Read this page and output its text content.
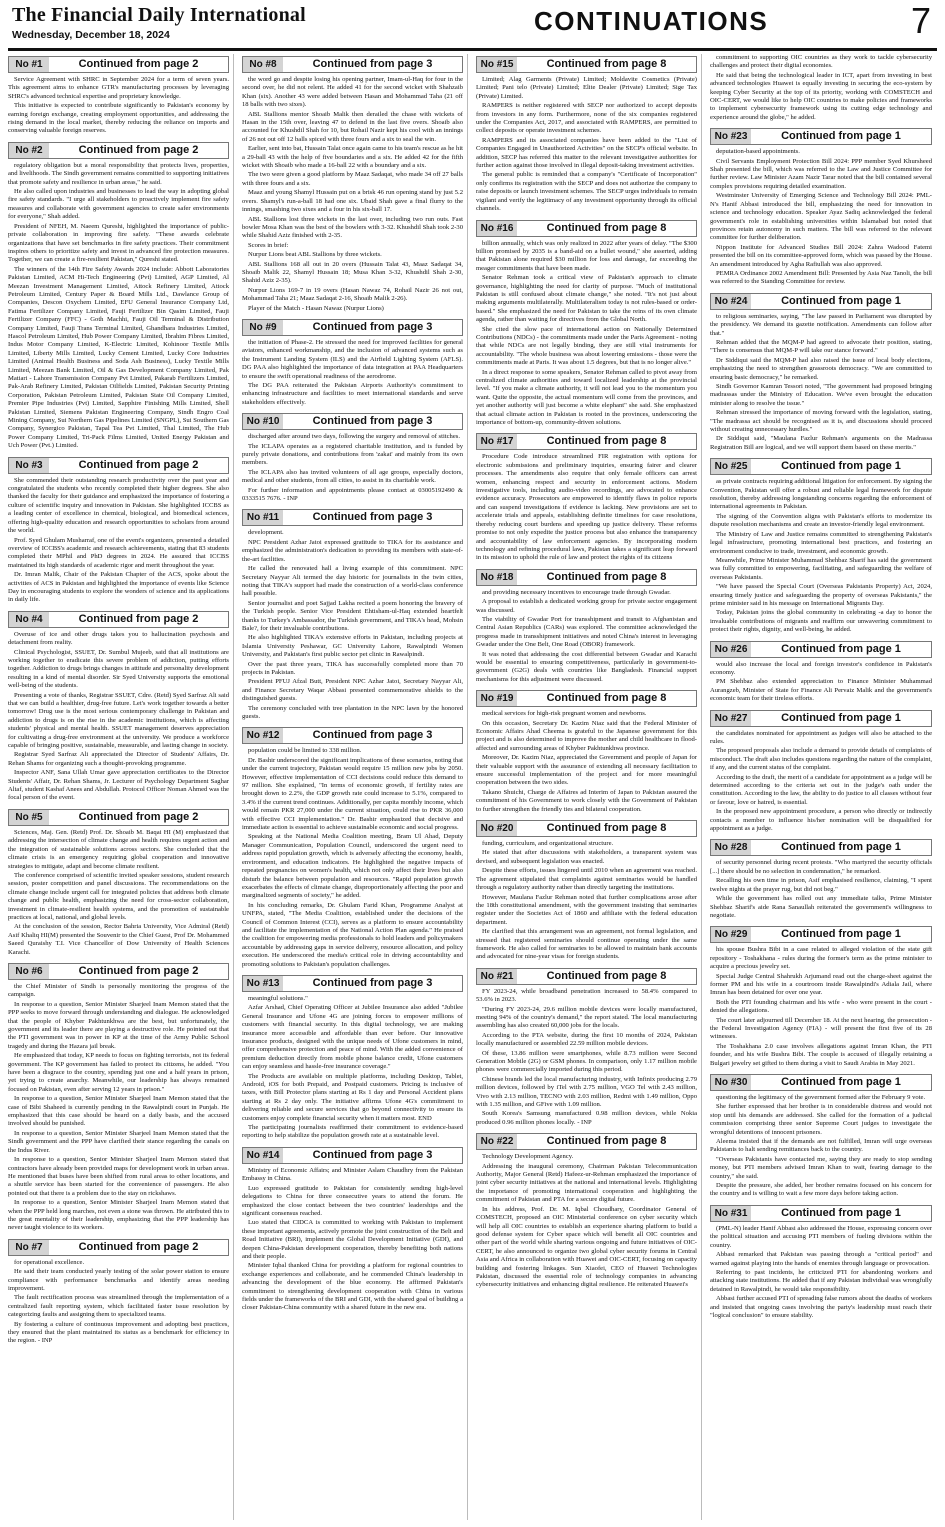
The Financial Daily International
Wednesday, December 18, 2024	CONTINUATIONS	7
No #1	Continued from page 2

Service Agreement with SHRC in September 2024 for a term of seven years. This agreement aims to enhance GTR's manufacturing processes by leveraging SHRC's advanced technical expertise and proprietary knowledge.

This initiative is expected to contribute significantly to Pakistan's economy by earning foreign exchange, creating employment opportunities, and addressing the rising demand in the local market, thereby reducing the reliance on imports and conserving valuable foreign reserves.

No #2	Continued from page 2

regulatory obligation but a moral responsibility that protects lives, properties, and livelihoods. The Sindh government remains committed to supporting initiatives that promote safety and resilience in urban areas," he said.

He also called upon industries and businesses to lead the way in adopting global fire safety standards. "I urge all stakeholders to proactively implement fire safety measures and collaborate with government agencies to create safer environments for everyone," Shah added.

President of NFEH, M. Naeem Qureshi, highlighted the importance of public-private collaboration in improving fire safety. "These awards celebrate organizations that have set benchmarks in fire safety practices. Their commitment inspires others to prioritize safety and invest in advanced fire protection measures. Together, we can create a fire-resilient Pakistan," Qureshi stated.

The winners of the 14th Fire Safety Awards 2024 include: Abbott Laboratories Pakistan Limited, ACM Hi-Tech Engineering (Pvt) Limited, AGP Limited, Al Meezan Investment Management Limited, Attock Refinery Limited, Attock Petroleum Limited, Century Paper & Board Mills Ltd., Dawlance Group of Companies, Descon Oxychem Limited, EFU General Insurance Company Ltd, Fatima Fertilizer Company Limited, Fauji Fertilizer Bin Qasim Limited, Fauji Fertilizer Company (FFC) - Goth Machhi, Fauji Oil Terminal & Distribution Company Limited, Fauji Trans Terminal Limited, Ghandhara Industries Limited, Hascol Petroleum Limited, Hub Power Company Limited, Ibrahim Fibres Limited, Indus Motor Company Limited, K-Electric Limited, Kohinoor Textile Mills Limited, Liberty Mills Limited, Lucky Cement Limited, Lucky Core Industries Limited (Animal Health Business and Soda Ash Business), Lucky Textile Mills Limited, Meezan Bank Limited, Oil & Gas Development Company Limited, Pak Matiari - Lahore Transmission Company Pvt Limited, Pakarab Fertilizers Limited, Pak-Arab Refinery Limited, Pakistan Oilfields Limited, Pakistan Security Printing Corporation, Pakistan Petroleum Limited, Pakistan State Oil Company Limited, Premier Pipe Industries (Pvt) Limited, Sapphire Finishing Mills Limited, Shell Pakistan Limited, Siemens Pakistan Engineering Company, Sindh Engro Coal Mining Company, Sui Northern Gas Pipelines Limited (SNGPL), Sui Southern Gas Company, Synergico Pakistan, Tapal Tea Pvt Limited, Thal Limited, The Hub Power Company Limited, Tri-Pack Films Limited, United Energy Pakistan and Uch Power (Pvt.) Limited.

No #3	Continued from page 2

She commended their outstanding research productivity over the past year and congratulated the students who recently completed their higher degrees. She also thanked the faculty for their guidance and emphasized the importance of fostering a culture of scientific inquiry and innovation in Pakistan. She highlighted ICCBS as a leading center of excellence in chemical, biological, and biomedical sciences, offering high-quality education and research opportunities to scholars from around the world.

Prof. Syed Ghulam Musharraf, one of the event's organizers, presented a detailed overview of ICCBS's academic and research achievements, stating that 83 students completed their MPhil and PhD degrees in 2024. He assured that ICCBS maintained its high standards of academic rigor and merit throughout the year.

Dr. Imran Malik, Chair of the Pakistan Chapter of the ACS, spoke about the activities of ACS in Pakistan and highlighted the importance of events like Science Day in encouraging students to explore the wonders of science and its applications in daily life.

No #4	Continued from page 2

Overuse of ice and other drugs takes you to hallucination psychosis and detachment from reality.

Clinical Psychologist, SSUET, Dr. Sumbul Mujeeb, said that all institutions are working together to eradicate this severe problem of addiction, putting efforts together. Addiction to drugs brings changes in attitude and personality development resulting in a kind of mental disorder. Sir Syed University supports the emotional well-being of the students.

Presenting a vote of thanks, Registrar SSUET, Cdre. (Retd) Syed Sarfraz Ali said that we can build a healthier, drug-free future. Let's work together towards a better tomorrow! Drug use is the most serious contemporary challenge in Pakistan and addiction to drugs is on the rise in the academic institutions, which is affecting students' physical and mental health. SSUET management deserves appreciation for cultivating a drug-free environment at the university. We produce a workforce capable of bringing positive, sustainable, measurable, and lasting change in society.

Registrar Syed Sarfraz Ali appreciated the Director of Students' Affairs, Dr. Rehan Shams for organizing such a thought-provoking programme.

Inspector ANF, Sana Ullah Umar gave appreciation certificates to the Director Students' Affair, Dr. Rehan Shams, Jr. Lecturer of Psychology Department Saghar Altaf, student Kashaf Anees and Abdullah. Protocol Officer Noman Ahmed was the focal person of the event.

No #5	Continued from page 2

Sciences, Maj. Gen. (Retd) Prof. Dr. Shoaib M. Baqai HI (M) emphasized that addressing the intersection of climate change and health requires urgent action and the integration of sustainable solutions across sectors. She concluded that the climate crisis is an emergency requiring global cooperation and innovative strategies to mitigate, adapt and become climate resilient.

The conference comprised of scientific invited speaker sessions, student research session, poster competition and panel discussions. The recommendations on the climate change include urgent call for integrated policies that address both climate change and public health, emphasizing the need for cross-sector collaboration, investment in climate-resilient health systems, and the promotion of sustainable practices at local, national, and global levels.

At the conclusion of the session, Rector Bahria University, Vice Admiral (Retd) Asif Khaliq HI(M) presented the Souvenir to the Chief Guest, Prof Dr. Mohammed Saeed Quraishy T.I. Vice Chancellor of Dow University of Health Sciences Karachi.

No #6	Continued from page 2

the Chief Minister of Sindh is personally monitoring the progress of the campaign.

In response to a question, Senior Minister Sharjeel Inam Memon stated that the PPP seeks to move forward through understanding and dialogue. He acknowledged that the people of Khyber Pakhtunkhwa are the best, but unfortunately, the government and its leader there are playing a destructive role. He pointed out that the PTI government was in power in KP at the time of the Army Public School tragedy and during the Hazara jail break.

He emphasized that today, KP needs to focus on fighting terrorists, not its federal government. The KP government has failed to protect its citizens, he added. "You have been a disgrace to the country, spending just one and a half years in prison, yet trying to create anarchy. Meanwhile, our leadership has always remained focused on Pakistan, even after serving 12 years in prison."

In response to a question, Senior Minister Sharjeel Inam Memon stated that the case of Bibi Shaheed is currently pending in the Rawalpindi court in Punjab. He emphasized that this case should be heard on a daily basis, and the accused involved should be punished.

In response to a question, Senior Minister Sharjeel Inam Memon stated that the Sindh government and the PPP have clarified their stance regarding the canals on the Indus River.

In response to a question, Senior Minister Sharjeel Inam Memon stated that contractors have already been provided maps for development work in urban areas. He mentioned that buses have been shifted from rural areas to other locations, and a shuttle service has been started for the convenience of passengers. He also pointed out that there is a problem due to the stay on rickshaws.

In response to a question, Senior Minister Sharjeel Inam Memon stated that when the PPP held long marches, not even a stone was thrown. He attributed this to the great mentality of their leadership, emphasizing that the PPP leadership has never taught violence to its workers.

No #7	Continued from page 2

for operational excellence.

He said their team conducted yearly testing of the solar power station to ensure compliance with performance benchmarks and identify areas needing improvement.

The fault rectification process was streamlined through the implementation of a centralized fault reporting system, which facilitated faster issue resolution by categorizing faults and assigning them to specialized teams.

By fostering a culture of continuous improvement and adopting best practices, they ensured that the plant maintained its status as a benchmark for efficiency in the region. - INP

No #8	Continued from page 3

the word go and despite losing his opening partner, Imam-ul-Haq for four in the second over, he did not relent. He added 41 for the second wicket with Shahzaib Khan (six). Another 43 were added between Hasan and Mohammad Taha (21 off 18 balls with two sixes).

ABL Stallions mentor Shoaib Malik then derailed the chase with wickets of Hasan in the 15th over, leaving 47 to defend in the last five overs. Shoaib also accounted for Khushdil Shah for 10, but Rohail Nazir kept his cool with an innings of 26 not out off 12 balls spiced with three fours and a six to seal the win.

Earlier, sent into bat, Hussain Talat once again came to his team's rescue as he hit a 29-ball 43 with the help of five boundaries and a six. He added 42 for the fifth wicket with Shoaib who made a 16-ball 22 with a boundary and a six.

The two were given a good platform by Maaz Sadaqat, who made 34 off 27 balls with three fours and a six.

Maaz and young Shamyl Hussain put on a brisk 46 run opening stand by just 5.2 overs. Shamyl's run-a-ball 18 had one six. Ubaid Shah gave a final flurry to the innings, smashing two sixes and a four in his six-ball 17.

ABL Stallions lost three wickets in the last over, including two run outs. Fast bowler Mosa Khan was the best of the bowlers with 3-32. Khushdil Shah took 2-30 while Shahid Aziz finished with 2-35.

Scores in brief:

Nurpur Lions beat ABL Stallions by three wickets.

ABL Stallions 168 all out in 20 overs (Hussain Talat 43, Maaz Sadaqat 34, Shoaib Malik 22, Shamyl Hussain 18; Musa Khan 3-32, Khushdil Shah 2-30, Shahid Aziz 2-35).

Nurpur Lions 169-7 in 19 overs (Hasan Nawaz 74, Rohail Nazir 26 not out, Mohammad Taha 21; Maaz Sadaqat 2-16, Shoaib Malik 2-26).

Player of the Match - Hasan Nawaz (Nurpur Lions)

No #9	Continued from page 3

the initiation of Phase-2. He stressed the need for improved facilities for general aviators, enhanced workmanship, and the inclusion of advanced systems such as the Instrument Landing System (ILS) and the Airfield Lighting System (AFLS). DG PAA also highlighted the importance of data integration at PAA Headquarters to ensure the swift operational readiness of the aerodrome.

The DG PAA reiterated the Pakistan Airports Authority's commitment to enhancing infrastructure and facilities to meet international standards and serve stakeholders effectively.

No #10	Continued from page 3

discharged after around two days, following the surgery and removal of stitches.

The ICLAPA operates as a registered charitable institution, and is funded by purely private donations, and contributions from 'zakat' and mainly from its own members.

The ICLAPA also has invited volunteers of all age groups, especially doctors, medical and other students, from all cities, to assist in its charitable work.

For further information and appointments please contact at 03005192490 & 0333515 7676. - INP

No #11	Continued from page 3

development.

NPC President Azhar Jatoi expressed gratitude to TIKA for its assistance and emphasized the administration's dedication to providing its members with state-of-the-art facilities.

He called the renovated hall a living example of this commitment. NPC Secretary Nayyar Ali termed the day historic for journalists in the twin cities, noting that TIKA's support had made the construction of a world-class conference hall possible.

Senior journalist and poet Sajjad Lakha recited a poem honoring the bravery of the Turkish people. Senior Vice President Ehtisham-ul-Haq extended heartfelt thanks to Turkey's Ambassador, the Turkish government, and TIKA's head, Mohsin Bale?, for their invaluable contributions.

He also highlighted TIKA's extensive efforts in Pakistan, including projects at Islamia University Peshawar, GC University Lahore, Rawalpindi Women University, and Pakistan's first public sector pet clinic in Rawalpindi.

Over the past three years, TIKA has successfully completed more than 70 projects in Pakistan.

President PFUJ Afzal Butt, President NPC Azhar Jatoi, Secretary Nayyar Ali, and Finance Secretary Waqar Abbasi presented commemorative shields to the distinguished guests.

The ceremony concluded with tree plantation in the NPC lawn by the honored guests.

No #12	Continued from page 3

population could be limited to 338 million.

Dr. Bashir underscored the significant implications of these scenarios, noting that under the current trajectory, Pakistan would require 15 million new jobs by 2050. However, effective implementation of CCI decisions could reduce this demand to 97 million. She explained, "In terms of economic growth, if fertility rates are brought down to 2.2%, the GDP growth rate could increase to 5.1%, compared to 3.4% if the current trend continues. Additionally, per capita monthly income, which would remain PKR 27,000 under the current situation, could rise to PKR 36,000 with effective CCI implementation." Dr. Bashir emphasized that decisive and immediate action is essential to achieve sustainable economic and social progress.

Speaking at the National Media Coalition meeting, Bram Ul Ahad, Deputy Manager Communication, Population Council, underscored the urgent need to address rapid population growth, which is adversely affecting the economy, health, environment, and education indicators. He highlighted the negative impacts of repeated pregnancies on women's health, which not only affect their lives but also disturb the balance between population and resources. "Rapid population growth exacerbates the effects of climate change, disproportionately affecting the poor and marginalized segments of society," he added.

In his concluding remarks, Dr. Ghulam Farid Khan, Programme Analyst at UNFPA, stated, "The Media Coalition, established under the decisions of the Council of Common Interest (CCI), serves as a platform to ensure accountability and facilitate the implementation of the National Action Plan agenda." He praised the coalition for empowering media professionals to hold leaders and policymakers accountable by addressing gaps in service delivery, resource allocation, and policy execution. He underscored the media's critical role in driving accountability and promoting solutions to Pakistan's population challenges.

No #13	Continued from page 3

meaningful solutions."

Azfar Arshad, Chief Operating Officer at Jubilee Insurance also added "Jubilee General Insurance and Ufone 4G are joining forces to empower millions of customers with financial security. In this digital technology, we are making insurance more accessible and affordable than ever before. Our innovative insurance products, designed with the unique needs of Ufone customers in mind, offer comprehensive protection and peace of mind. With the added convenience of premium deduction directly from mobile phone balance credit, Ufone customers can enjoy seamless and hassle-free insurance coverage."

The Products are available on multiple platforms, including Desktop, Tablet, Android, iOS for both Prepaid, and Postpaid customers. Pricing is inclusive of taxes, with Bill Protector plans starting at Rs 1 day and Personal Accident plans starting at Rs 2 day only. The initiative affirms Ufone 4G's commitment to delivering reliable and secure services that go beyond connectivity to ensure its customers enjoy complete financial security when it matters most. END

The participating journalists reaffirmed their commitment to evidence-based reporting to help stabilize the population growth rate at a sustainable level.

No #14	Continued from page 3

Ministry of Economic Affairs; and Minister Aslam Chaudhry from the Pakistan Embassy in China.

Luo expressed gratitude to Pakistan for consistently sending high-level delegations to China for three consecutive years to attend the forum. He emphasized the close contact between the two countries' leaderships and the significant consensus reached.

Luo stated that CIDCA is committed to working with Pakistan to implement these important agreements, actively promote the joint construction of the Belt and Road Initiative (BRI), implement the Global Development Initiative (GDI), and deepen China-Pakistan development cooperation, thereby benefiting both nations and their people.

Minister Iqbal thanked China for providing a platform for regional countries to exchange experiences and collaborate, and he commended China's leadership in advancing the development of the blue economy. He affirmed Pakistan's commitment to strengthening development cooperation with China in various fields under the frameworks of the BRI and GDI, with the shared goal of building a closer Pakistan-China community with a shared future in the new era.

No #15	Continued from page 8

Limited; Alag Garments (Private) Limited; Moldavite Cosmetics (Private) Limited; Pani telo (Private) Limited; Elite Dealer (Private) Limited; Sige Tax (Private) Limited.

RAMPERS is neither registered with SECP nor authorized to accept deposits from investors in any form. Furthermore, none of the six companies registered under the Companies Act, 2017, and associated with RAMPERS, are permitted to collect deposits or operate investment schemes.

RAMPERS and its associated companies have been added to the "List of Companies Engaged in Unauthorized Activities" on the SECP's official website. In addition, SECP has referred this matter to the relevant investigative authorities for further action against those involved in illegal deposit-taking investment activities.

The general public is reminded that a company's "Certificate of Incorporation" only confirms its registration with the SECP and does not authorize the company to raise deposits or launch investment schemes. The SECP urges individuals to remain vigilant and verify the legitimacy of any investment opportunity through its official channels.

No #16	Continued from page 8

billion annually, which was only realized in 2022 after years of delay. "The $300 billion promised by 2035 is a band-aid on a bullet wound," she asserted, adding that Pakistan alone required $30 million for loss and damage, far exceeding the meager commitments that have been made.

Senator Rehman took a critical view of Pakistan's approach to climate governance, highlighting the need for clarity of purpose. "Much of institutional Pakistan is still confused about climate change," she noted. "It's not just about making arguments multilaterally. Multilateralism today is not rules-based or order-based." She emphasized the need for Pakistan to take the reins of its own climate agenda, rather than waiting for directives from the Global North.

She cited the slow pace of international action on Nationally Determined Contributions (NDCs) - the commitments made under the Paris Agreement - noting that while NDCs are not legally binding, they are still vital instruments for accountability. "The whole business was about lowering emissions - those were the commitments made at Paris. It was about 1.5 degrees, but that is no longer alive."

In a direct response to some speakers, Senator Rehman called to pivot away from centralized climate authorities and toward localized leadership at the provincial level. "If you make a climate authority, it will not lead you to the momentum you want. Quite the opposite, the actual momentum will come from the provinces, and yet another authority will just become a white elephant" she said. She emphasized that actual climate action in Pakistan is rooted in the provinces, underscoring the importance of bottom-up, community-driven solutions.

No #17	Continued from page 8

Procedure Code introduce streamlined FIR registration with options for electronic submissions and preliminary inquiries, ensuring fairer and clearer processes. The amendments also require that only female officers can arrest women, enhancing respect and security in enforcement actions. Modern investigative tools, including audio-video recordings, are advocated to enhance evidence accuracy. Prosecutors are empowered to identify flaws in police reports and can suspend investigations if evidence is lacking. New provisions are set to accelerate trials and appeals, establishing definite timelines for case resolutions, thereby reducing court burdens and speeding up justice delivery. These reforms promise to not only expedite the justice process but also enhance the transparency and accountability of law enforcement agencies. By incorporating modern technology and refining procedural laws, Pakistan takes a significant leap forward in its mission to uphold the rule of law and protect the rights of its citizens

No #18	Continued from page 8

and providing necessary incentives to encourage trade through Gwadar.

A proposal to establish a dedicated working group for private sector engagement was discussed.

The viability of Gwadar Port for transshipment and transit to Afghanistan and Central Asian Republics (CARs) was explored. The committee acknowledged the progress made in transshipment initiatives and noted China's interest in leveraging Gwadar under the One Belt, One Road (OBOR) framework.

It was noted that addressing the cost differential between Gwadar and Karachi would be essential to ensuring competitiveness, particularly in government-to-government (G2G) deals with countries like Bangladesh. Financial support mechanisms for this adjustment were discussed.

No #19	Continued from page 8

medical services for high-risk pregnant women and newborns.

On this occasion, Secretary Dr. Kazim Niaz said that the Federal Minister of Economic Affairs Ahad Cheema is grateful to the Japanese government for this project and is also determined to improve the mother and child healthcare in flood-affected and surrounding areas of Khyber Pakhtunkhwa province.

Moreover, Dr. Kazim Niaz, appreciated the Government and people of Japan for their valuable support with the assurance of extending all necessary facilitation to ensure successful implementation of the project and for more meaningful cooperation between the two sides.

Takano Shuichi, Charge de Affaires ad Interim of Japan to Pakistan assured the commitment of his Government to work closely with the Government of Pakistan to further strengthen the friendly ties and bilateral cooperation.

No #20	Continued from page 8

funding, curriculum, and organizational structure.

He stated that after discussions with stakeholders, a transparent system was devised, and subsequent legislation was enacted.

Despite these efforts, issues lingered until 2010 when an agreement was reached. The agreement stipulated that complaints against seminaries would be handled through a regulatory authority rather than directly targeting the institutions.

However, Maulana Fazlur Rehman noted that further complications arose after the 18th constitutional amendment, with the government insisting that seminaries register under the Societies Act of 1860 and affiliate with the federal education department.

He clarified that this arrangement was an agreement, not formal legislation, and stressed that registered seminaries should continue operating under the same framework. He also called for seminaries to be allowed to maintain bank accounts and advocated for nine-year visas for foreign students.

No #21	Continued from page 8

FY 2023-24, while broadband penetration increased to 58.4% compared to 53.6% in 2023.

"During FY 2023-24, 29.6 million mobile devices were locally manufactured, meeting 94% of the country's demand," the report stated. The local manufacturing assembling has also created 60,000 jobs for the locals.

According to the PTA website, during the first 10 months of 2024, Pakistan locally manufactured or assembled 22.59 million mobile devices.

Of these, 13.86 million were smartphones, while 8.73 million were Second Generation Mobile (2G) or GSM phones. In comparison, only 1.17 million mobile phones were commercially imported during this period.

Chinese brands led the local manufacturing industry, with Infinix producing 2.79 million devices, followed by iTel with 2.75 million, VGO Tel with 2.43 million, Vivo with 2.13 million, TECNO with 2.03 million, Redmi with 1.49 million, Oppo with 1.35 million, and GFive with 1.09 million.

South Korea's Samsung manufactured 0.98 million devices, while Nokia produced 0.96 million phones locally. - INP

No #22	Continued from page 8

Technology Development Agency.

Addressing the inaugural ceremony, Chairman Pakistan Telecommunication Authority, Major General (Retd) Hafeez-ur-Rehman emphasized the importance of joint cyber security initiatives at the national and international levels. Highlighting the importance of promoting international cooperation and highlighting the commitment of Pakistan and PTA for a secure digital future.

In his address, Prof. Dr. M. Iqbal Choudhary, Coordinator General of COMSTECH, proposed an OIC Ministerial conference on cyber security which will help all OIC countries to establish an experience sharing platform to build a good defense system for Cyber space which will benefit all OIC countries and other part of the world while sharing various ongoing and future initiatives of OIC-CERT, he also announced to organize two global cyber security forums in Central Asia and Africa in collaboration with Huawei and OIC-CERT, focusing on capacity building and fostering linkages. Sun Xiaofei, CEO of Huawei Technologies Pakistan, discussed the essential role of technology companies in advancing cybersecurity initiatives and enhancing digital resilience. He reiterated Huawei's

commitment to supporting OIC countries as they work to tackle cybersecurity challenges and protect their digital economies.

He said that being the technological leader in ICT, apart from investing in best advanced technologies Huawei is equally investing in securing the eco-system by keeping Cyber Security at the top of its priority, working with COMSTECH and OIC-CERT, we would like to help OIC countries to make policies and frameworks to implement cybersecurity framework using its cutting edge technology and experience around the globe," he added.

No #23	Continued from page 1

deputation-based appointments.

Civil Servants Employment Protection Bill 2024: PPP member Syed Khursheed Shah presented the bill, which was referred to the Law and Justice Committee for further review. Law Minister Azam Nazir Tarar noted that the bill contained several complex provisions requiring detailed examination.

Westminster University of Emerging Science and Technology Bill 2024: PML-N's Hanif Abbasi introduced the bill, emphasizing the need for innovation in science and technology education. Speaker Ayaz Sadiq acknowledged the federal government's role in establishing universities within Islamabad but noted that provinces retain autonomy in such matters. The bill was referred to the relevant committee for further deliberation.

Nippon Institute for Advanced Studies Bill 2024: Zahra Wadood Fatemi presented the bill on its committee-approved form, which was passed by the House. An amendment introduced by Agha Rafiullah was also approved.

PEMRA Ordinance 2002 Amendment Bill: Presented by Asia Naz Tanoli, the bill was referred to the Standing Committee for review.

No #24	Continued from page 1

to religious seminaries, saying, "The law passed in Parliament was disrupted by the presidency. We demand its gazette notification. Amendments can follow after that."

Rehman added that the MQM-P had agreed to advocate their position, stating, "There is consensus that MQM-P will take our stance forward."

Dr Siddiqui said the MQM-P had also raised the issue of local body elections, emphasizing the need to strengthen grassroots democracy. "We are committed to ensuring basic democracy," he remarked.

Sindh Governor Kamran Tessori noted, "The government had proposed bringing madrassas under the Ministry of Education. We've even brought the education minister along to resolve the issue."

Rehman stressed the importance of moving forward with the legislation, stating, "The madrassa act should be recognised as it is, and discussions should proceed without creating unnecessary hurdles."

Dr Siddiqui said, "Maulana Fazlur Rehman's arguments on the Madrassa Registration Bill are logical, and we will support them based on these merits."

No #25	Continued from page 1

as private contracts requiring additional litigation for enforcement. By signing the Convention, Pakistan will offer a robust and reliable legal framework for dispute resolution, thereby addressing longstanding concerns regarding the enforcement of international agreements in Pakistan.

The signing of the Convention aligns with Pakistan's efforts to modernize its dispute resolution mechanisms and create an investor-friendly legal environment.

The Ministry of Law and Justice remains committed to strengthening Pakistan's legal infrastructure, promoting international best practices, and fostering an environment conducive to trade, investment, and economic growth.

Meanwhile, Prime Minister Muhammad Shehbaz Sharif has said the government was fully committed to empowering, facilitating, and safeguarding the welfare of overseas Pakistanis.

"We have passed the Special Court (Overseas Pakistanis Property) Act, 2024, ensuring timely justice and safeguarding the property of overseas Pakistanis," the prime minister said in his message on International Migrants Day.

Today, Pakistan joins the global community in celebrating -a day to honor the invaluable contributions of migrants and reaffirm our unwavering commitment to protect their rights, dignity, and well-being, he added.

No #26	Continued from page 1

would also increase the local and foreign investor's confidence in Pakistan's economy.

PM Shehbaz also extended appreciation to Finance Minister Muhammad Aurangzeb, Minister of State for Finance Ali Pervaiz Malik and the government's economic team for their tireless efforts.

No #27	Continued from page 1

the candidates nominated for appointment as judges will also be attached to the rules.

The proposed proposals also include a demand to provide details of complaints of misconduct. The draft also includes questions regarding the nature of the complaint, if any, and the current status of the complaint.

According to the draft, the merit of a candidate for appointment as a judge will be determined according to the criteria set out in the judge's oath under the constitution. According to the law, the ability to do justice to all classes without fear or favour, love or hatred, is essential.

In the proposed new appointment procedure, a person who directly or indirectly contacts a member to influence his/her nomination will be disqualified for appointment as a judge.

No #28	Continued from page 1

of security personnel during recent protests. "Who martyred the security officials [...] there should be no selection in condemnation," he remarked.

Recalling his own time in prison, Asif emphasised resilience, claiming, "I spent twelve nights at the prayer rug, but did not beg."

While the government has rolled out any immediate talks, Prime Minister Shehbaz Sharif's aide Rana Sanaullah reiterated the government's willingness to negotiate.

No #29	Continued from page 1

his spouse Bushra Bibi in a case related to alleged violation of the state gift repository - Toshakhana - rules during the former's term as the prime minister to acquire a precious jewelry set.

Special Judge Central Shahrukh Arjumand read out the charge-sheet against the former PM and his wife in a courtroom inside Rawalpindi's Adiala Jail, where Imran has been detained for over one year.

Both the PTI founding chairman and his wife - who were present in the court - denied the allegations.

The court later adjourned till December 18. At the next hearing, the prosecution - the Federal Investigation Agency (FIA) - will present the first five of its 28 witnesses.

The Toshakhana 2.0 case involves allegations against Imran Khan, the PTI founder, and his wife Bushra Bibi. The couple is accused of illegally retaining a Bulgari jewelry set gifted to them during a visit to Saudi Arabia in May 2021.

No #30	Continued from page 1

questioning the legitimacy of the government formed after the February 9 vote.

She further expressed that her brother is in considerable distress and would not stop until his demands are addressed. She called for the formation of a judicial commission comprising three senior Supreme Court judges to investigate the wrongful detentions of innocent prisoners.

Aleema insisted that if the demands are not fulfilled, Imran will urge overseas Pakistanis to halt sending remittances back to the country.

"Overseas Pakistanis have contacted me, saying they are ready to stop sending money, but PTI members advised Imran Khan to wait, fearing damage to the country," she said.

Despite the pressure, she added, her brother remains focused on his concern for the country and is willing to wait a few more days before taking action.

No #31	Continued from page 1

(PML-N) leader Hanif Abbasi also addressed the House, expressing concern over the political situation and accusing PTI members of fueling divisions within the country.

Abbasi remarked that Pakistan was passing through a "critical period" and warned against playing into the hands of enemies through language or provocation.

Referring to past incidents, he criticized PTI for abandoning workers and attacking state institutions. He added that if any Pakistan individual was wrongfully detained in Rawalpindi, he would take responsibility.

Abbasi further accused PTI of spreading false rumors about the deaths of workers and insisted that ongoing cases involving the party's leadership must reach their "logical conclusion" to ensure stability.
